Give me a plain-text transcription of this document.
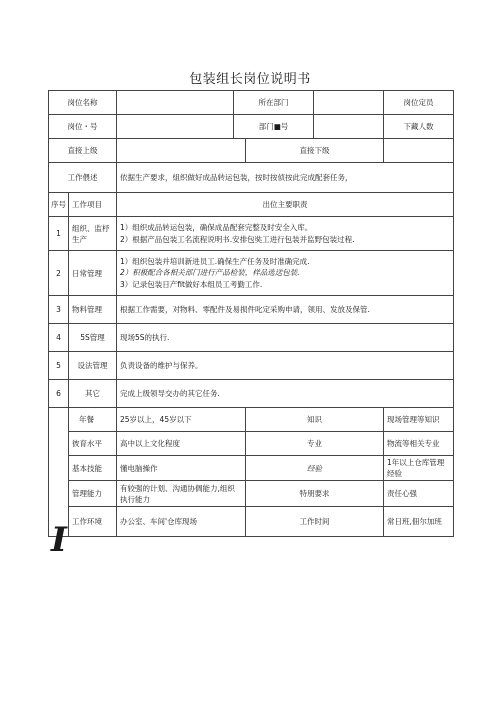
包装组长岗位说明书
岗位名称			所在部门			岗位定员
岗位・号			部门■号			下藏人数
直接上级				直接下级		
工作偎述		依据生产要求，組织做好成品转运包装，按时按侦按此完成配套任务，				
序号	工作项目	出位主要职责				
1	组织、监杼生产	1）组织成品转运包装，确保成品配套完整及时安全入库。
2）根据产品包装工名流程说明书.安排包奘工进行包装并监野包装过程.				

2	日常管理	1）组织包装并培训新进员工.确保生产任务及时准确完成.
2）积极配合各相关部门进行产品检装，样品选送包装.
3）记录包装日产fit做好本组员工考勤工作.				

3	物料管理	根据工作需要，对物料、零配件及易损件叱定采购申请，领用、发放及保管.				

4	5S管理	现场5S的执行.				

5	设法管理	负责设备的维护与保养。				

6	其它	完成上级领导交办的其它任务.				

	年餐	25岁以上，45岁以下		知识		现场管理等知识
	彼育水平	高中以上文化程度		专业		物流等相关专业
	基本技能	懂电脑操作		经验		1年以上仓库管理经验
	管理能力	有较强的计划、沟通协倜能力,组织执行能力		特朋要求		责任心强
	工作环境	办公室、车间'仓库现场		工作时间		常日班,佃尔加班
I
